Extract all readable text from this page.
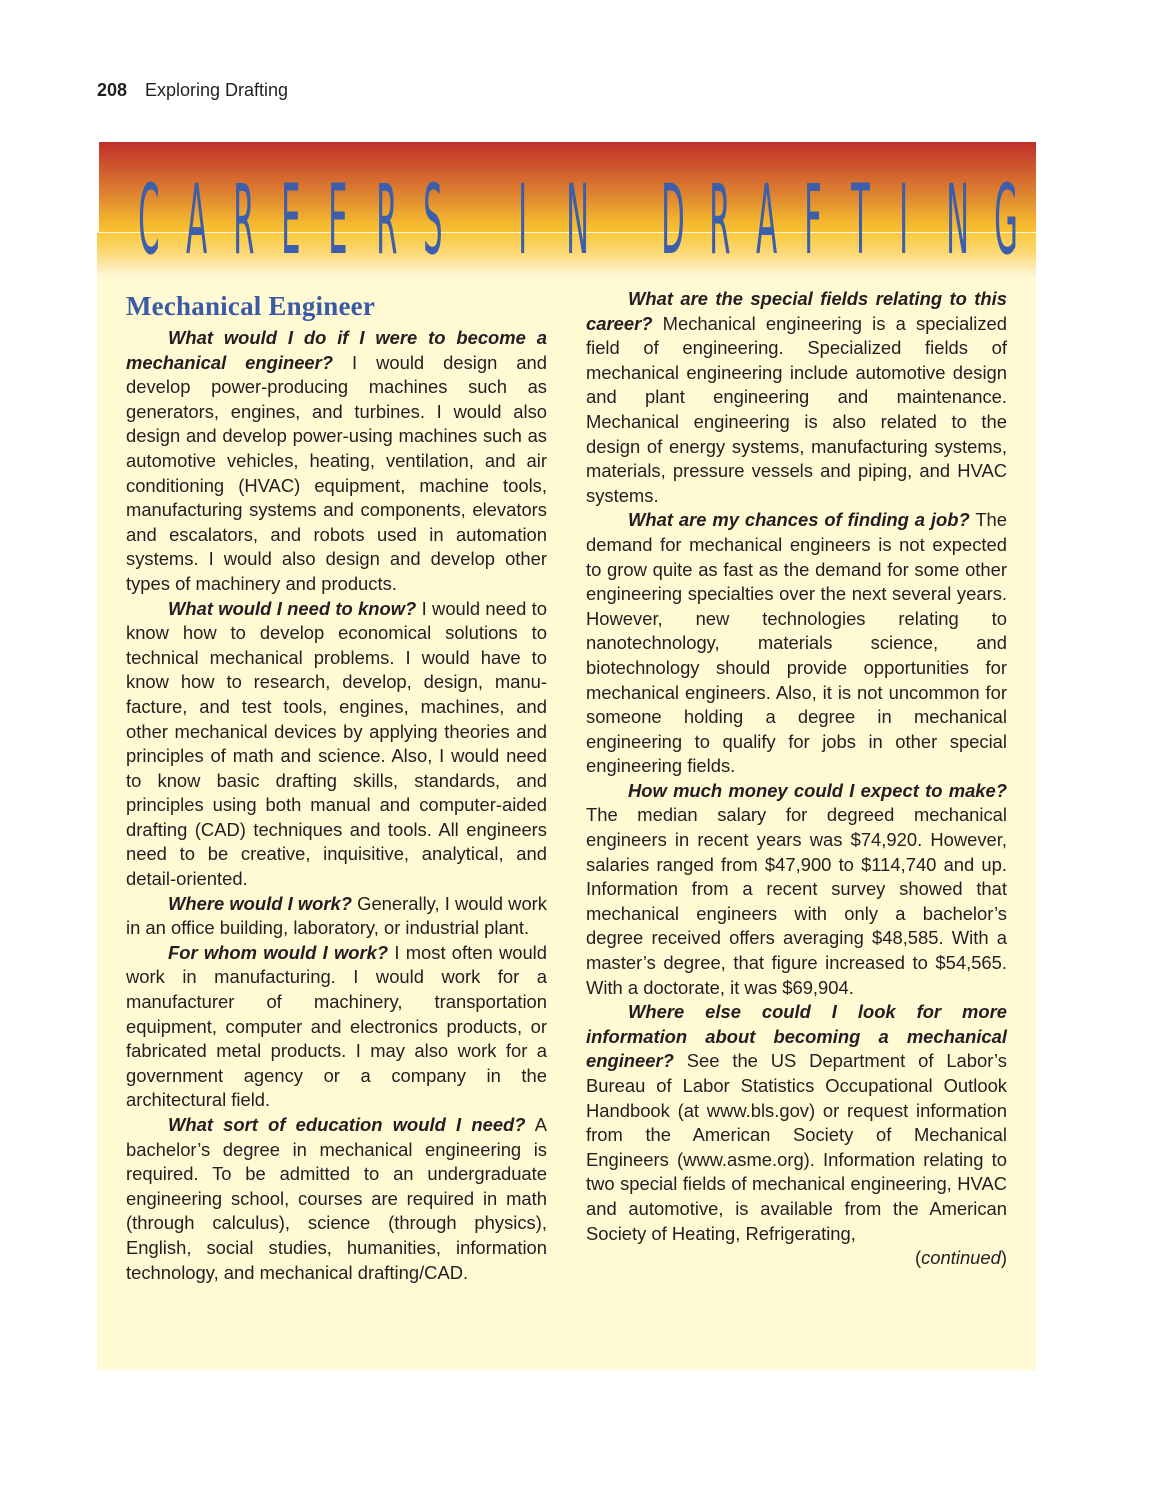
208 Exploring Drafting
C A R E E R S I N D R A F T I N G
Mechanical Engineer

What would I do if I were to become a mechanical engineer? I would design and develop power-producing machines such as generators, engines, and turbines. I would also design and develop power-using machines such as automotive vehicles, heating, ventilation, and air conditioning (HVAC) equipment, machine tools, manufacturing systems and components, elevators and escalators, and robots used in automation systems. I would also design and develop other types of machinery and products.

What would I need to know? I would need to know how to develop economical solutions to technical mechanical problems. I would have to know how to research, develop, design, manufacture, and test tools, engines, machines, and other mechanical devices by applying theories and principles of math and science. Also, I would need to know basic drafting skills, standards, and principles using both manual and computer-aided drafting (CAD) techniques and tools. All engineers need to be creative, inquisitive, analytical, and detail-oriented.

Where would I work? Generally, I would work in an office building, laboratory, or industrial plant.

For whom would I work? I most often would work in manufacturing. I would work for a manufacturer of machinery, transportation equipment, computer and electronics products, or fabricated metal products. I may also work for a government agency or a company in the architectural field.

What sort of education would I need? A bachelor’s degree in mechanical engineering is required. To be admitted to an undergraduate engineering school, courses are required in math (through calculus), science (through physics), English, social studies, humanities, information technology, and mechanical drafting/CAD.

What are the special fields relating to this career? Mechanical engineering is a specialized field of engineering. Specialized fields of mechanical engineering include automotive design and plant engineering and maintenance. Mechanical engineering is also related to the design of energy systems, manufacturing systems, materials, pressure vessels and piping, and HVAC systems.

What are my chances of finding a job? The demand for mechanical engineers is not expected to grow quite as fast as the demand for some other engineering specialties over the next several years. However, new technologies relating to nanotechnology, materials science, and biotechnology should provide opportunities for mechanical engineers. Also, it is not uncommon for someone holding a degree in mechanical engineering to qualify for jobs in other special engineering fields.

How much money could I expect to make? The median salary for degreed mechanical engineers in recent years was $74,920. However, salaries ranged from $47,900 to $114,740 and up. Information from a recent survey showed that mechanical engineers with only a bachelor’s degree received offers averaging $48,585. With a master’s degree, that figure increased to $54,565. With a doctorate, it was $69,904.

Where else could I look for more information about becoming a mechanical engineer? See the US Department of Labor’s Bureau of Labor Statistics Occupational Outlook Handbook (at www.​bls.gov) or request information from the American Society of Mechanical Engineers (www.asme.org). Information relating to two special fields of mechanical engineering, HVAC and automotive, is available from the American Society of Heating, Refrigerating,

(continued)
